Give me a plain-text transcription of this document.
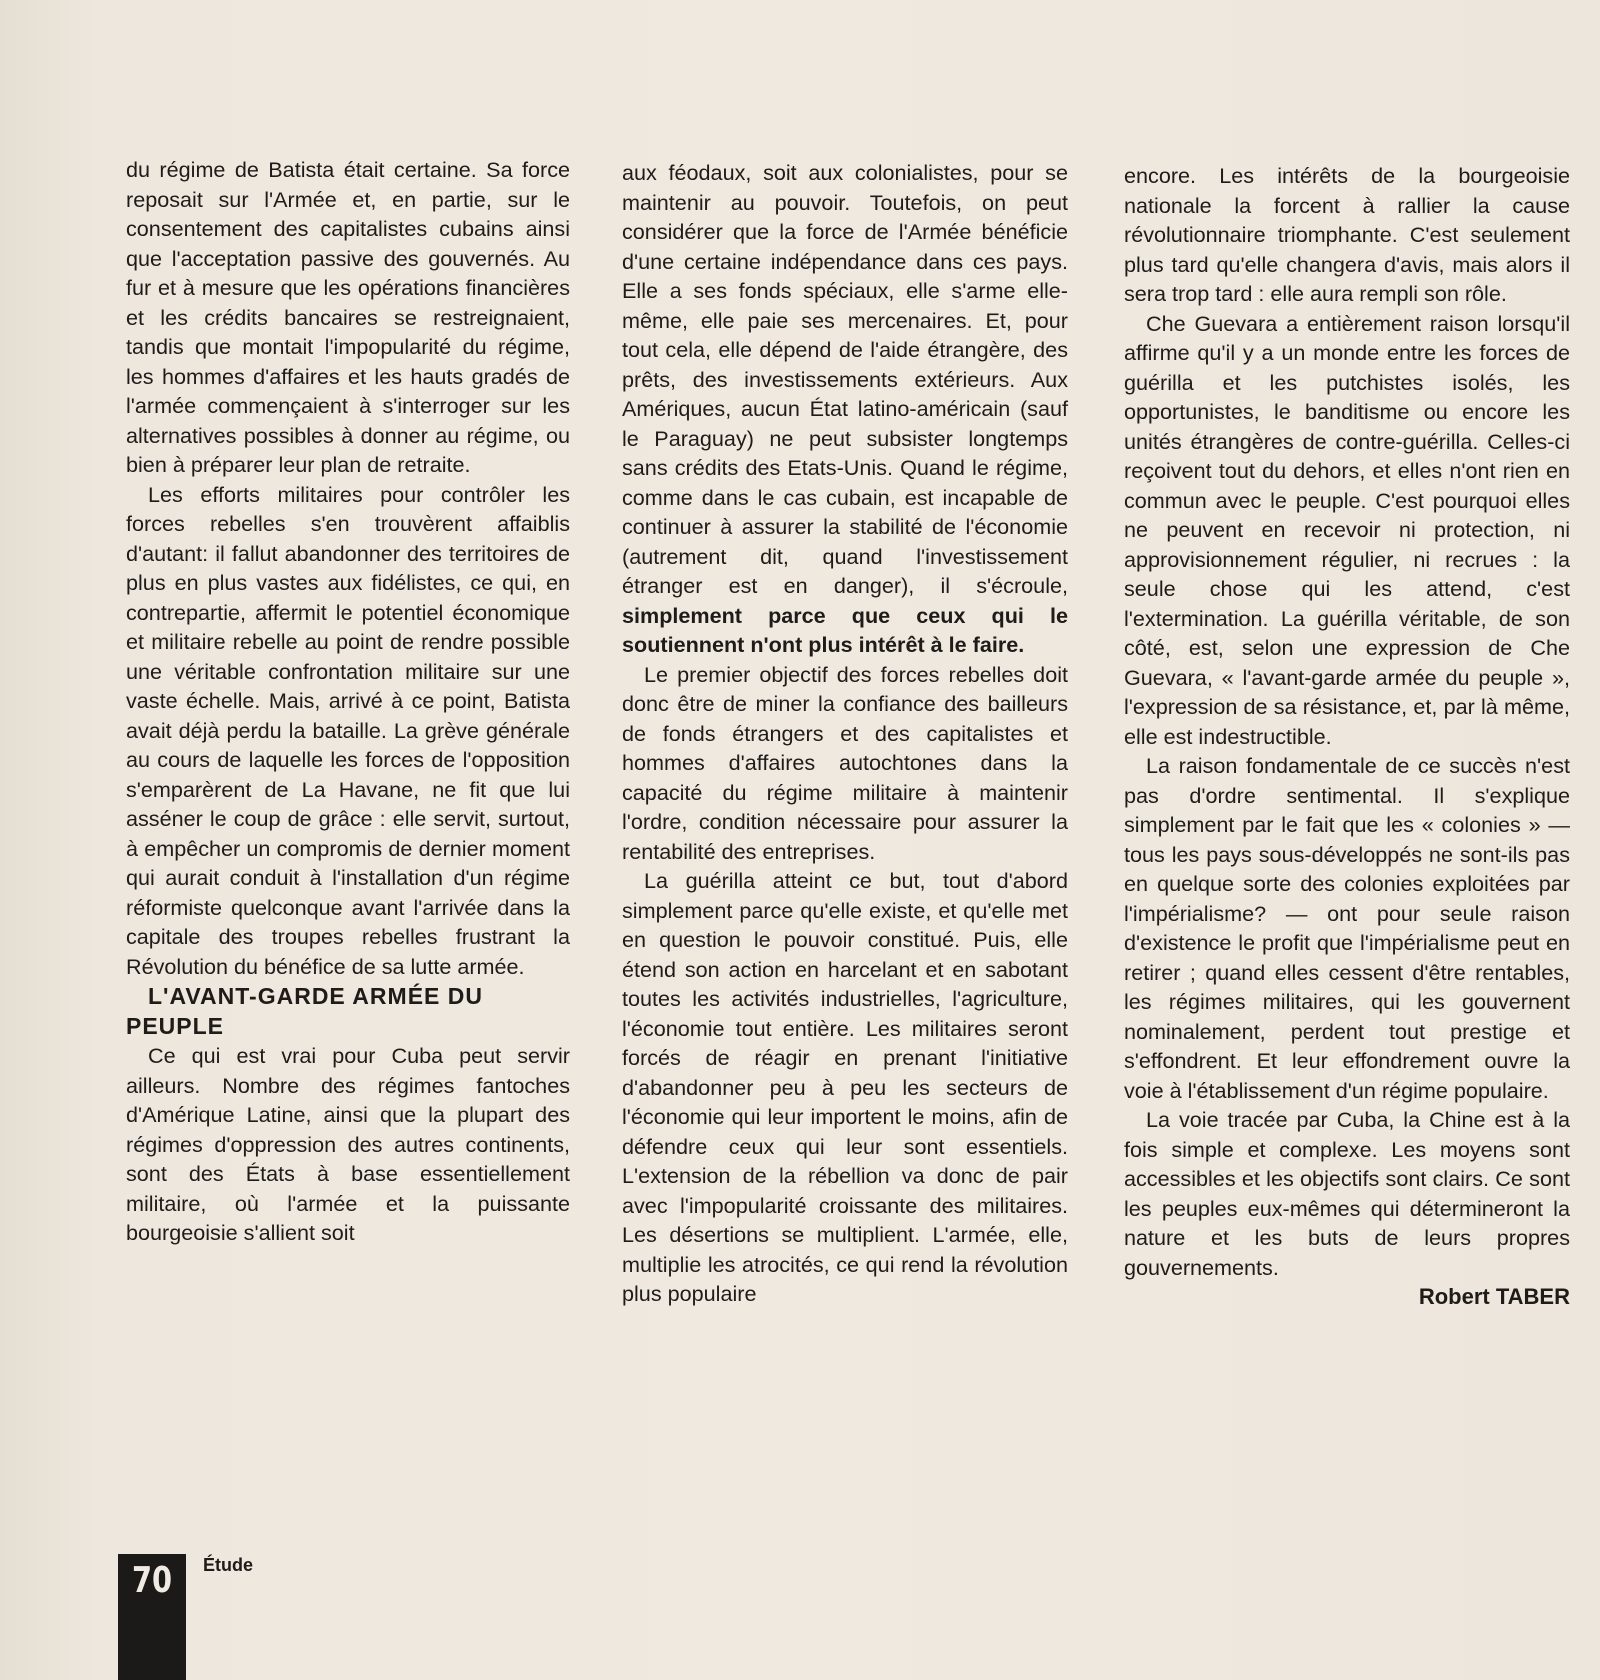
du régime de Batista était certaine. Sa force reposait sur l'Armée et, en partie, sur le consentement des capitalistes cubains ainsi que l'acceptation passive des gouvernés. Au fur et à mesure que les opérations financières et les crédits bancaires se restreignaient, tandis que montait l'impopularité du régime, les hommes d'affaires et les hauts gradés de l'armée commençaient à s'interroger sur les alternatives possibles à donner au régime, ou bien à préparer leur plan de retraite.

Les efforts militaires pour contrôler les forces rebelles s'en trouvèrent affaiblis d'autant: il fallut abandonner des territoires de plus en plus vastes aux fidélistes, ce qui, en contrepartie, affermit le potentiel économique et militaire rebelle au point de rendre possible une véritable confrontation militaire sur une vaste échelle. Mais, arrivé à ce point, Batista avait déjà perdu la bataille. La grève générale au cours de laquelle les forces de l'opposition s'emparèrent de La Havane, ne fit que lui asséner le coup de grâce : elle servit, surtout, à empêcher un compromis de dernier moment qui aurait conduit à l'installation d'un régime réformiste quelconque avant l'arrivée dans la capitale des troupes rebelles frustrant la Révolution du bénéfice de sa lutte armée.

L'AVANT-GARDE ARMÉE DU PEUPLE

Ce qui est vrai pour Cuba peut servir ailleurs. Nombre des régimes fantoches d'Amérique Latine, ainsi que la plupart des régimes d'oppression des autres continents, sont des États à base essentiellement militaire, où l'armée et la puissante bourgeoisie s'allient soit

aux féodaux, soit aux colonialistes, pour se maintenir au pouvoir. Toutefois, on peut considérer que la force de l'Armée bénéficie d'une certaine indépendance dans ces pays. Elle a ses fonds spéciaux, elle s'arme elle-même, elle paie ses mercenaires. Et, pour tout cela, elle dépend de l'aide étrangère, des prêts, des investissements extérieurs. Aux Amériques, aucun État latino-américain (sauf le Paraguay) ne peut subsister longtemps sans crédits des Etats-Unis. Quand le régime, comme dans le cas cubain, est incapable de continuer à assurer la stabilité de l'économie (autrement dit, quand l'investissement étranger est en danger), il s'écroule, simplement parce que ceux qui le soutiennent n'ont plus intérêt à le faire.

Le premier objectif des forces rebelles doit donc être de miner la confiance des bailleurs de fonds étrangers et des capitalistes et hommes d'affaires autochtones dans la capacité du régime militaire à maintenir l'ordre, condition nécessaire pour assurer la rentabilité des entreprises.

La guérilla atteint ce but, tout d'abord simplement parce qu'elle existe, et qu'elle met en question le pouvoir constitué. Puis, elle étend son action en harcelant et en sabotant toutes les activités industrielles, l'agriculture, l'économie tout entière. Les militaires seront forcés de réagir en prenant l'initiative d'abandonner peu à peu les secteurs de l'économie qui leur importent le moins, afin de défendre ceux qui leur sont essentiels. L'extension de la rébellion va donc de pair avec l'impopularité croissante des militaires. Les désertions se multiplient. L'armée, elle, multiplie les atrocités, ce qui rend la révolution plus populaire

encore. Les intérêts de la bourgeoisie nationale la forcent à rallier la cause révolutionnaire triomphante. C'est seulement plus tard qu'elle changera d'avis, mais alors il sera trop tard : elle aura rempli son rôle.

Che Guevara a entièrement raison lorsqu'il affirme qu'il y a un monde entre les forces de guérilla et les putchistes isolés, les opportunistes, le banditisme ou encore les unités étrangères de contre-guérilla. Celles-ci reçoivent tout du dehors, et elles n'ont rien en commun avec le peuple. C'est pourquoi elles ne peuvent en recevoir ni protection, ni approvisionnement régulier, ni recrues : la seule chose qui les attend, c'est l'extermination. La guérilla véritable, de son côté, est, selon une expression de Che Guevara, « l'avant-garde armée du peuple », l'expression de sa résistance, et, par là même, elle est indestructible.

La raison fondamentale de ce succès n'est pas d'ordre sentimental. Il s'explique simplement par le fait que les « colonies » — tous les pays sous-développés ne sont-ils pas en quelque sorte des colonies exploitées par l'impérialisme? — ont pour seule raison d'existence le profit que l'impérialisme peut en retirer ; quand elles cessent d'être rentables, les régimes militaires, qui les gouvernent nominalement, perdent tout prestige et s'effondrent. Et leur effondrement ouvre la voie à l'établissement d'un régime populaire.

La voie tracée par Cuba, la Chine est à la fois simple et complexe. Les moyens sont accessibles et les objectifs sont clairs. Ce sont les peuples eux-mêmes qui détermineront la nature et les buts de leurs propres gouvernements.

Robert TABER
70	Étude
